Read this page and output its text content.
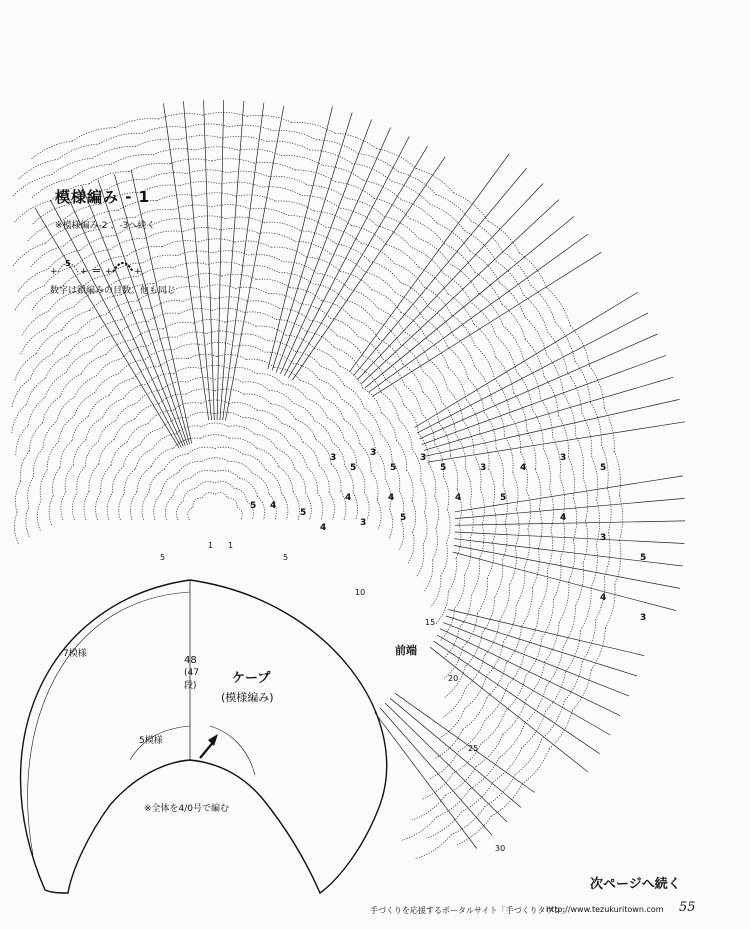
5 4
3
5
4
3
5
4
3
5
4
3
5
4
3
5
4
3
5
4
3
5
4	3	5
1 1
5	5
10
15
20
25
30
模様編み - 1
※模様編み-2 、-3へ続く
+
5
+ = + +
数字は鎖編みの目数。他も同じ
前端
ケープ
(模様編み)
7模様
5模様
48
(47
段)
※全体を4/0号で編む
次ページへ続く
手づくりを応援するポータルサイト「手づくりタウン」
http://www.tezukuritown.com 55
